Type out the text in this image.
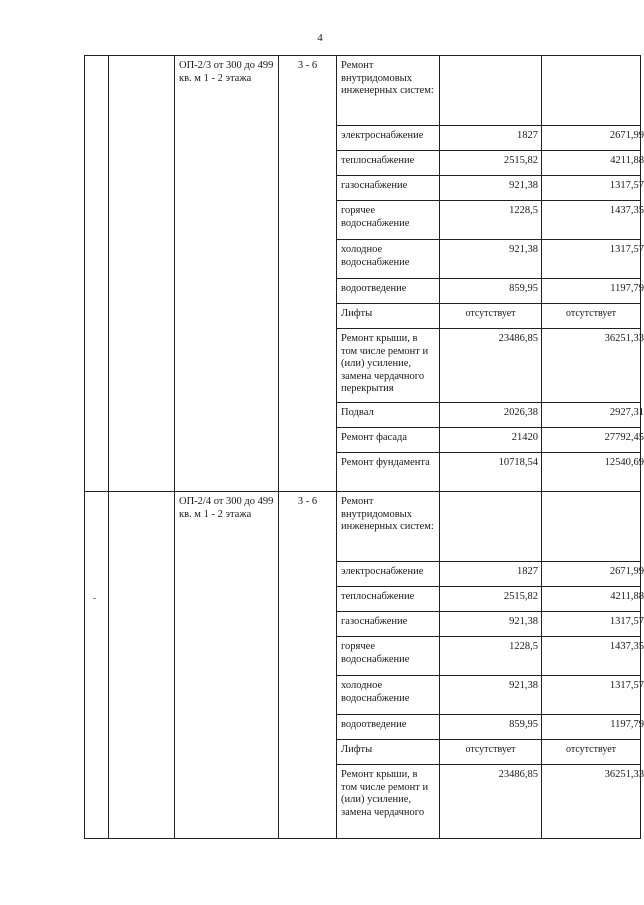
4
		ОП-2/3 от 300 до 499 кв. м 1 - 2 этажа	3 - 6	Ремонт внутридомовых инженерных систем:		
				электроснабжение	1827	2671,99
				теплоснабжение	2515,82	4211,88
				газоснабжение	921,38	1317,57
				горячее водоснабжение	1228,5	1437,35
				холодное водоснабжение	921,38	1317,57
				водоотведение	859,95	1197,79
				Лифты	отсутствует	отсутствует
				Ремонт крыши, в том числе ремонт и (или) усиление, замена чердачного перекрытия	23486,85	36251,33
				Подвал	2026,38	2927,31
				Ремонт фасада	21420	27792,45
				Ремонт фундамента	10718,54	12540,69
		ОП-2/4 от 300 до 499 кв. м 1 - 2 этажа	3 - 6	Ремонт внутридомовых инженерных систем:		
				электроснабжение	1827	2671,99
				теплоснабжение	2515,82	4211,88
				газоснабжение	921,38	1317,57
				горячее водоснабжение	1228,5	1437,35
				холодное водоснабжение	921,38	1317,57
				водоотведение	859,95	1197,79
				Лифты	отсутствует	отсутствует
				Ремонт крыши, в том числе ремонт и (или) усиление, замена чердачного	23486,85	36251,33
